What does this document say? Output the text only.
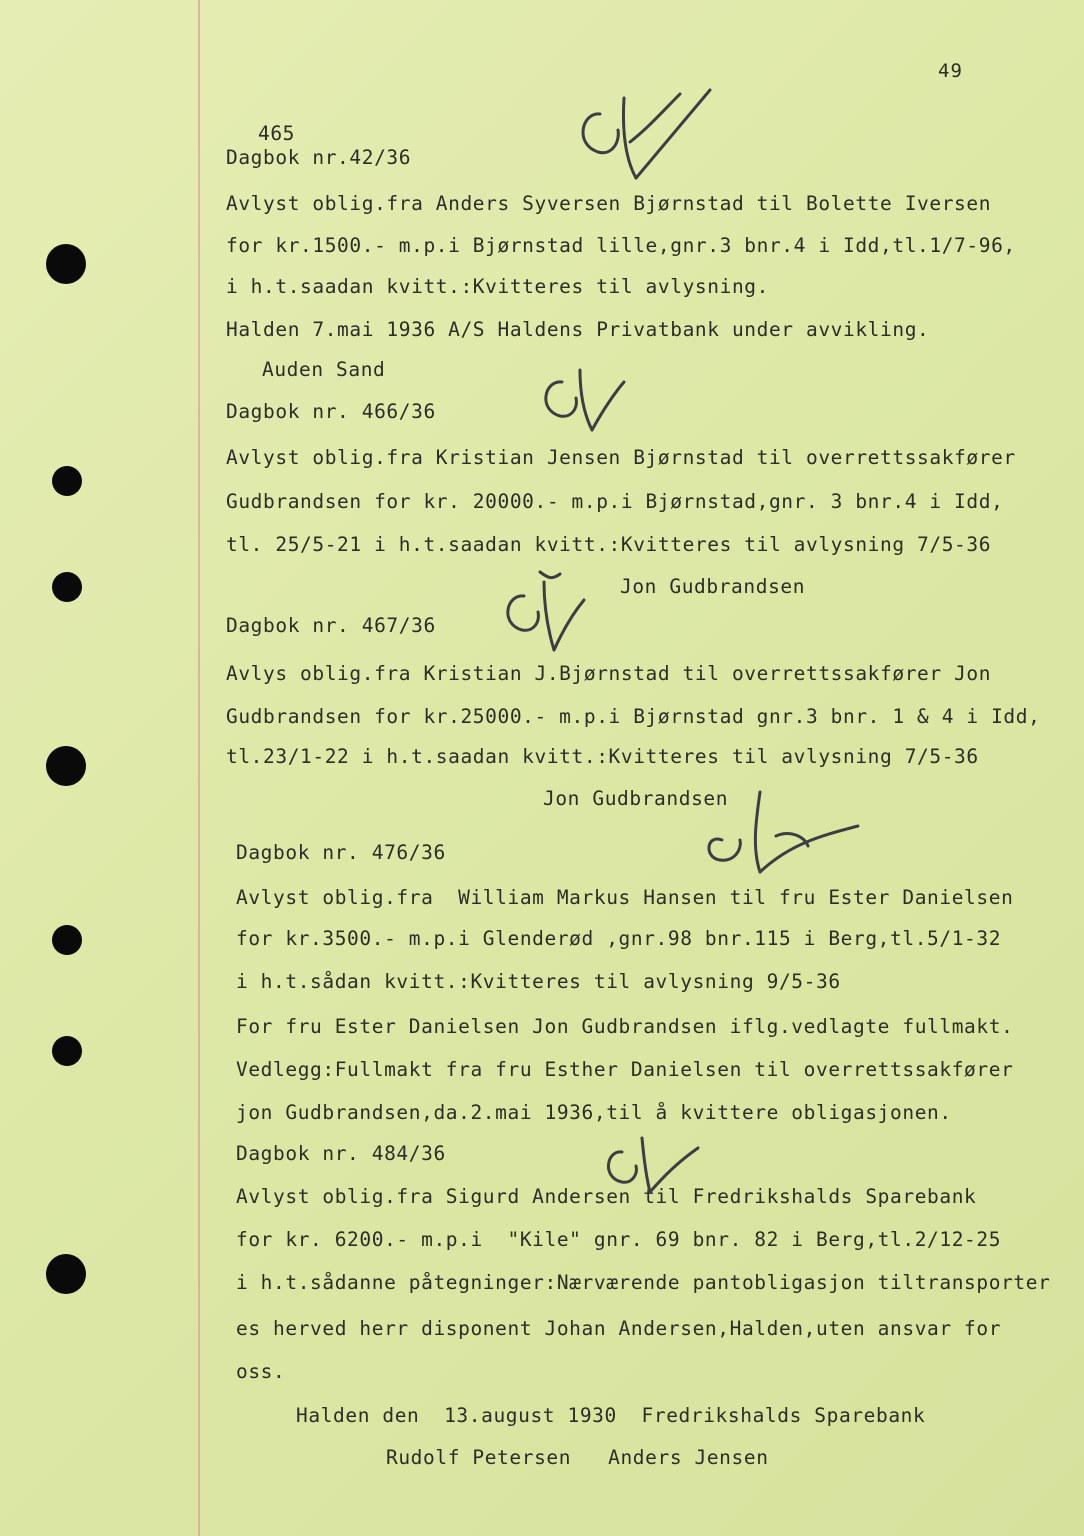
49
465
Dagbok nr.42/36
Avlyst oblig.fra Anders Syversen Bjørnstad til Bolette Iversen
for kr.1500.- m.p.i Bjørnstad lille,gnr.3 bnr.4 i Idd,tl.1/7-96,
i h.t.saadan kvitt.:Kvitteres til avlysning.
Halden 7.mai 1936 A/S Haldens Privatbank under avvikling.
Auden Sand
Dagbok nr. 466/36
Avlyst oblig.fra Kristian Jensen Bjørnstad til overrettssakfører
Gudbrandsen for kr. 20000.- m.p.i Bjørnstad,gnr. 3 bnr.4 i Idd,
tl. 25/5-21 i h.t.saadan kvitt.:Kvitteres til avlysning 7/5-36
Jon Gudbrandsen
Dagbok nr. 467/36
Avlys oblig.fra Kristian J.Bjørnstad til overrettssakfører Jon
Gudbrandsen for kr.25000.- m.p.i Bjørnstad gnr.3 bnr. 1 & 4 i Idd,
tl.23/1-22 i h.t.saadan kvitt.:Kvitteres til avlysning 7/5-36
Jon Gudbrandsen
Dagbok nr. 476/36
Avlyst oblig.fra  William Markus Hansen til fru Ester Danielsen
for kr.3500.- m.p.i Glenderød ,gnr.98 bnr.115 i Berg,tl.5/1-32
i h.t.sådan kvitt.:Kvitteres til avlysning 9/5-36
For fru Ester Danielsen Jon Gudbrandsen iflg.vedlagte fullmakt.
Vedlegg:Fullmakt fra fru Esther Danielsen til overrettssakfører
jon Gudbrandsen,da.2.mai 1936,til å kvittere obligasjonen.
Dagbok nr. 484/36
Avlyst oblig.fra Sigurd Andersen til Fredrikshalds Sparebank
for kr. 6200.- m.p.i  "Kile" gnr. 69 bnr. 82 i Berg,tl.2/12-25
i h.t.sådanne påtegninger:Nærværende pantobligasjon tiltransporter
es herved herr disponent Johan Andersen,Halden,uten ansvar for
oss.
Halden den  13.august 1930  Fredrikshalds Sparebank
Rudolf Petersen   Anders Jensen
